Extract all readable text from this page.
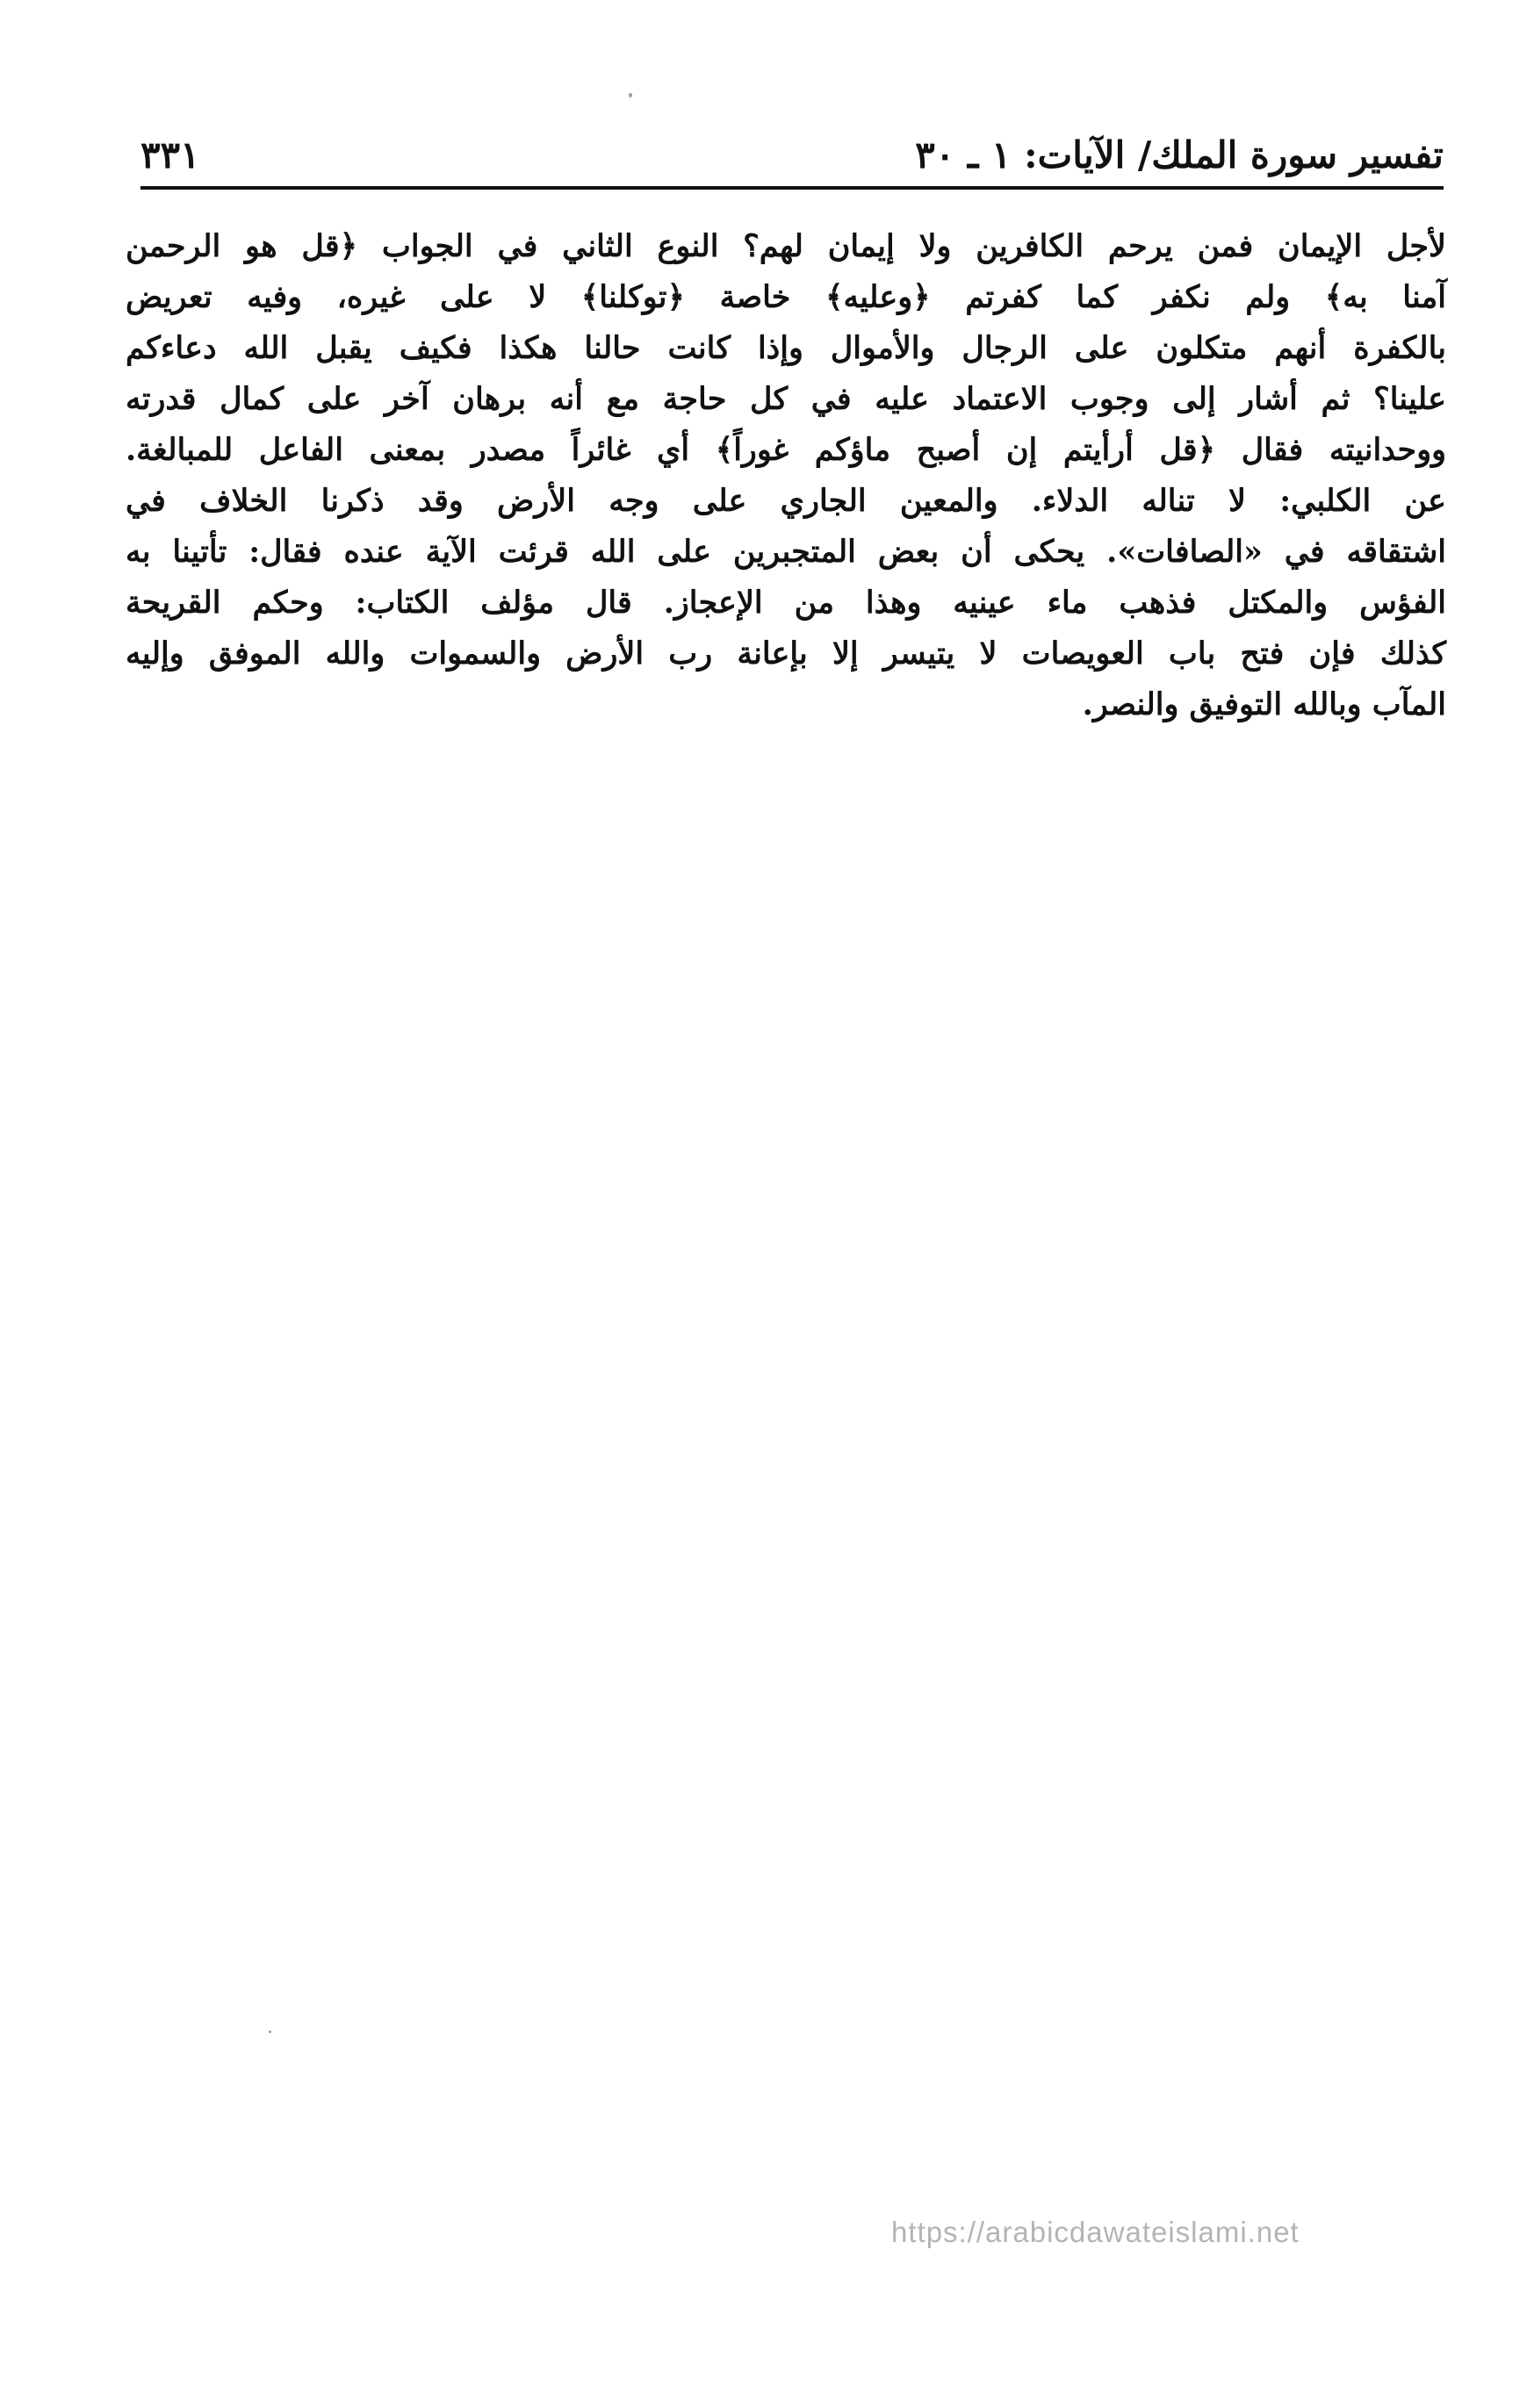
تفسير سورة الملك/ الآيات: ١ ـ ٣٠
٣٣١
لأجل الإيمان فمن يرحم الكافرين ولا إيمان لهم؟ النوع الثاني في الجواب ﴿قل هو الرحمن
آمنا به﴾ ولم نكفر كما كفرتم ﴿وعليه﴾ خاصة ﴿توكلنا﴾ لا على غيره، وفيه تعريض
بالكفرة أنهم متكلون على الرجال والأموال وإذا كانت حالنا هكذا فكيف يقبل الله دعاءكم
علينا؟ ثم أشار إلى وجوب الاعتماد عليه في كل حاجة مع أنه برهان آخر على كمال قدرته
ووحدانيته فقال ﴿قل أرأيتم إن أصبح ماؤكم غوراً﴾ أي غائراً مصدر بمعنى الفاعل للمبالغة.
عن الكلبي: لا تناله الدلاء. والمعين الجاري على وجه الأرض وقد ذكرنا الخلاف في
اشتقاقه في «الصافات». يحكى أن بعض المتجبرين على الله قرئت الآية عنده فقال: تأتينا به
الفؤس والمكتل فذهب ماء عينيه وهذا من الإعجاز. قال مؤلف الكتاب: وحكم القريحة
كذلك فإن فتح باب العويصات لا يتيسر إلا بإعانة رب الأرض والسموات والله الموفق وإليه
المآب وبالله التوفيق والنصر.
https://arabicdawateislami.net
